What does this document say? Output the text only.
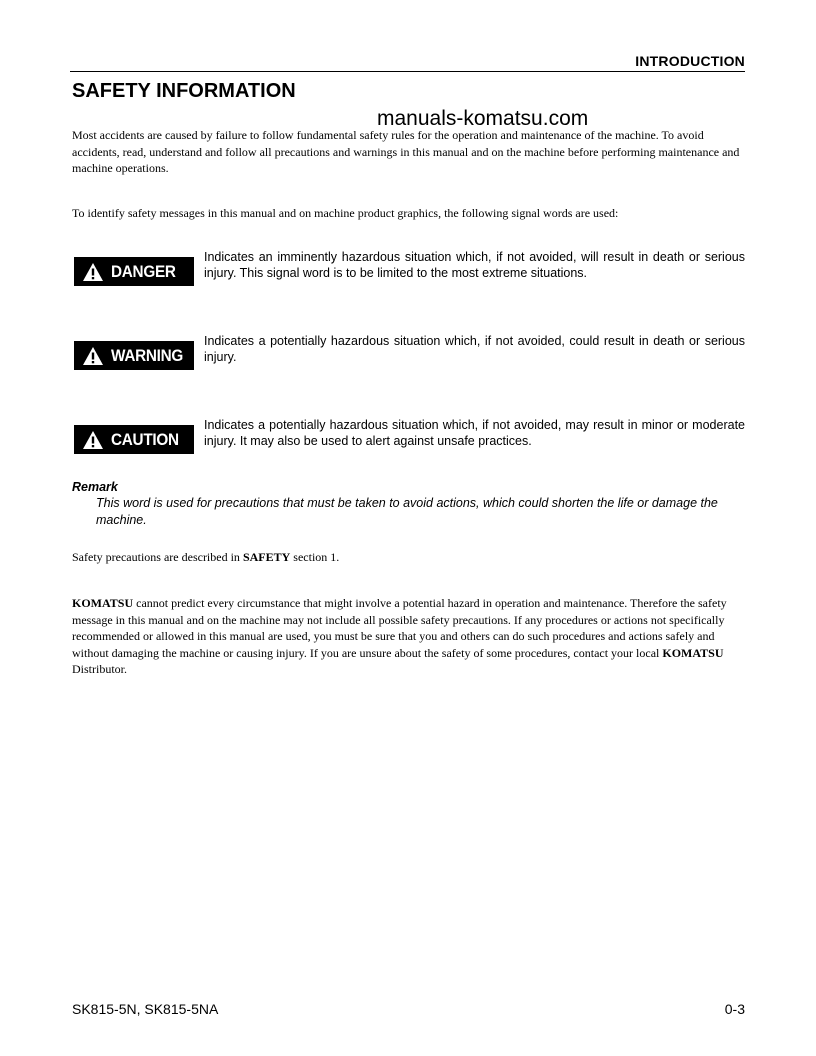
INTRODUCTION
SAFETY INFORMATION
manuals-komatsu.com
Most accidents are caused by failure to follow fundamental safety rules for the operation and maintenance of the machine. To avoid accidents, read, understand and follow all precautions and warnings in this manual and on the machine before performing maintenance and machine operations.
To identify safety messages in this manual and on machine product graphics, the following signal words are used:
DANGER
Indicates an imminently hazardous situation which, if not avoided, will result in death or serious injury. This signal word is to be limited to the most extreme situations.
WARNING
Indicates a potentially hazardous situation which, if not avoided, could result in death or serious injury.
CAUTION
Indicates a potentially hazardous situation which, if not avoided, may result in minor or moderate injury. It may also be used to alert against unsafe practices.
Remark
This word is used for precautions that must be taken to avoid actions, which could shorten the life or damage the machine.
Safety precautions are described in SAFETY section 1.
KOMATSU cannot predict every circumstance that might involve a potential hazard in operation and maintenance. Therefore the safety message in this manual and on the machine may not include all possible safety precautions. If any procedures or actions not specifically recommended or allowed in this manual are used, you must be sure that you and others can do such procedures and actions safely and without damaging the machine or causing injury. If you are unsure about the safety of some procedures, contact your local KOMATSU Distributor.
SK815-5N, SK815-5NA	0-3
